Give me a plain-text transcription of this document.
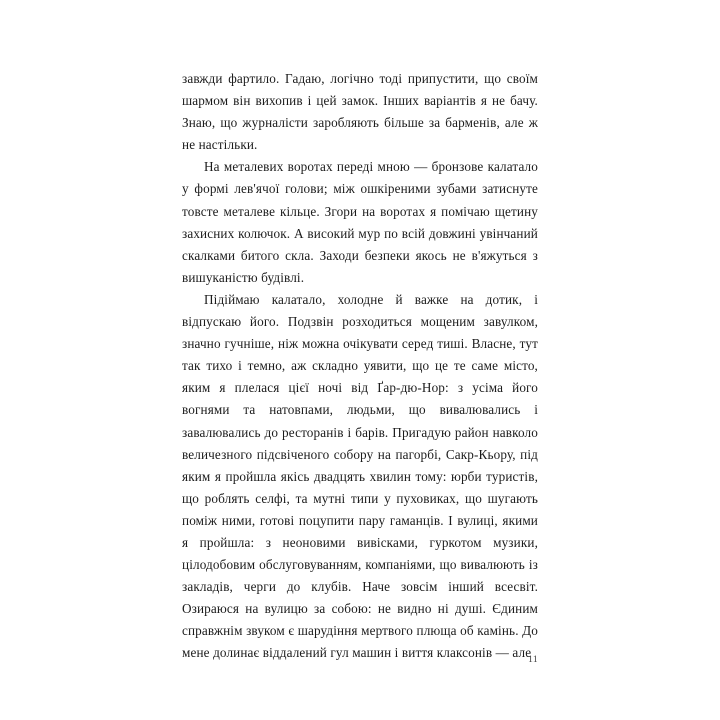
завжди фартило. Гадаю, логічно тоді припустити, що своїм шармом він вихопив і цей замок. Інших варіантів я не бачу. Знаю, що журналісти заробляють більше за барменів, але ж не настільки.

На металевих воротах переді мною — бронзове калатало у формі лев'ячої голови; між ошкіреними зубами затиснуте товсте металеве кільце. Згори на воротах я помічаю щетину захисних колючок. А високий мур по всій довжині увінчаний скалками битого скла. Заходи безпеки якось не в'яжуться з вишуканістю будівлі.

Підіймаю калатало, холодне й важке на дотик, і відпускаю його. Подзвін розходиться мощеним завулком, значно гучніше, ніж можна очікувати серед тиші. Власне, тут так тихо і темно, аж складно уявити, що це те саме місто, яким я плелася цієї ночі від Ґар-дю-Нор: з усіма його вогнями та натовпами, людьми, що вивалювались і завалювались до ресторанів і барів. Пригадую район навколо величезного підсвіченого собору на пагорбі, Сакр-Кьору, під яким я пройшла якісь двадцять хвилин тому: юрби туристів, що роблять селфі, та мутні типи у пуховиках, що шугають поміж ними, готові поцупити пару гаманців. І вулиці, якими я пройшла: з неоновими вивісками, гуркотом музики, цілодобовим обслуговуванням, компаніями, що вивалюють із закладів, черги до клубів. Наче зовсім інший всесвіт. Озираюся на вулицю за собою: не видно ні душі. Єдиним справжнім звуком є шарудіння мертвого плюща об камінь. До мене долинає віддалений гул машин і виття клаксонів — але

11
